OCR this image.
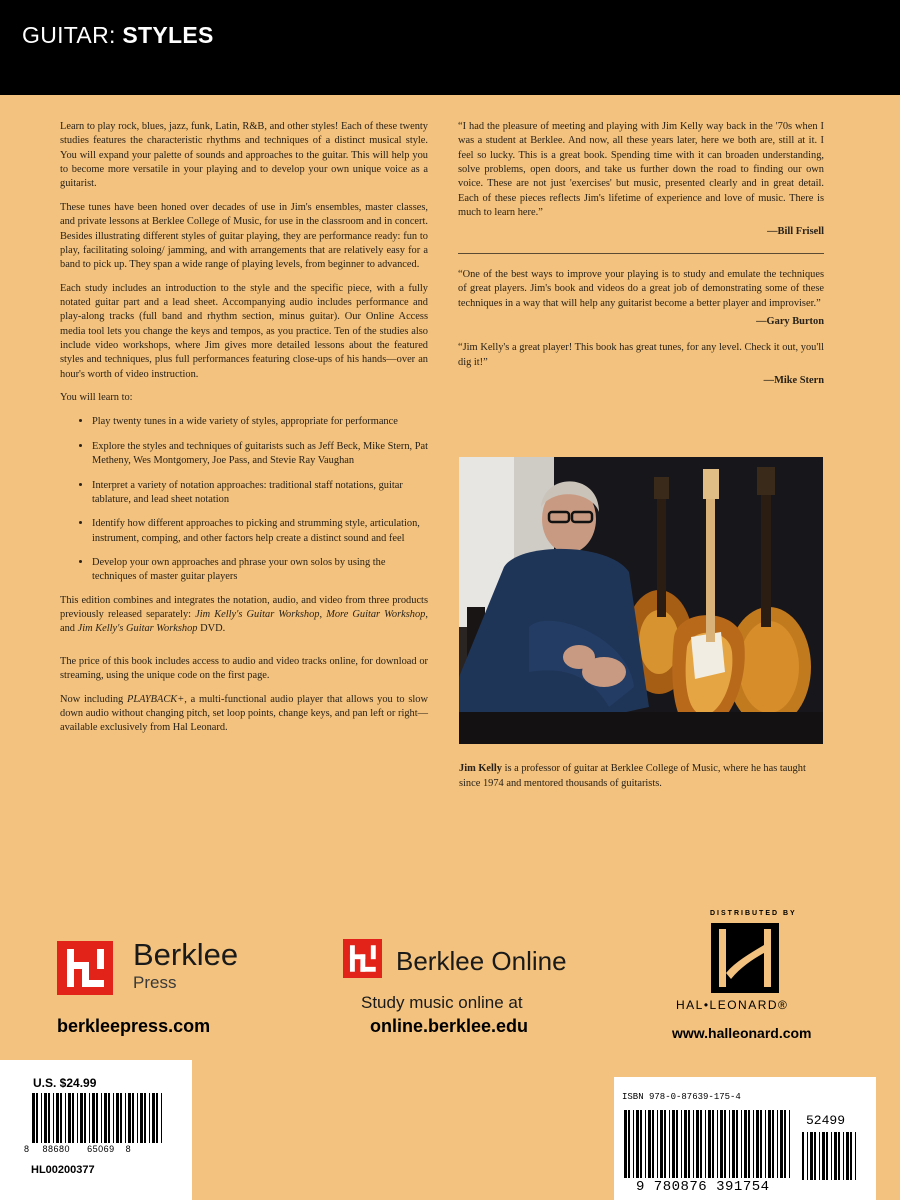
GUITAR: STYLES

Learn to play rock, blues, jazz, funk, Latin, R&B, and other styles! Each of these twenty studies features the characteristic rhythms and techniques of a distinct musical style. You will expand your palette of sounds and approaches to the guitar. This will help you to become more versatile in your playing and to develop your own unique voice as a guitarist.

These tunes have been honed over decades of use in Jim's ensembles, master classes, and private lessons at Berklee College of Music, for use in the classroom and in concert. Besides illustrating different styles of guitar playing, they are performance ready: fun to play, facilitating soloing/ jamming, and with arrangements that are relatively easy for a band to pick up. They span a wide range of playing levels, from beginner to advanced.

Each study includes an introduction to the style and the specific piece, with a fully notated guitar part and a lead sheet. Accompanying audio includes performance and play-along tracks (full band and rhythm section, minus guitar). Our Online Access media tool lets you change the keys and tempos, as you practice. Ten of the studies also include video workshops, where Jim gives more detailed lessons about the featured styles and techniques, plus full performances featuring close-ups of his hands—over an hour's worth of video instruction.

You will learn to:

• Play twenty tunes in a wide variety of styles, appropriate for performance
• Explore the styles and techniques of guitarists such as Jeff Beck, Mike Stern, Pat Metheny, Wes Montgomery, Joe Pass, and Stevie Ray Vaughan
• Interpret a variety of notation approaches: traditional staff notations, guitar tablature, and lead sheet notation
• Identify how different approaches to picking and strumming style, articulation, instrument, comping, and other factors help create a distinct sound and feel
• Develop your own approaches and phrase your own solos by using the techniques of master guitar players

This edition combines and integrates the notation, audio, and video from three products previously released separately: Jim Kelly's Guitar Workshop, More Guitar Workshop, and Jim Kelly's Guitar Workshop DVD.

The price of this book includes access to audio and video tracks online, for download or streaming, using the unique code on the first page.

Now including PLAYBACK+, a multi-functional audio player that allows you to slow down audio without changing pitch, set loop points, change keys, and pan left or right—available exclusively from Hal Leonard.

“I had the pleasure of meeting and playing with Jim Kelly way back in the '70s when I was a student at Berklee. And now, all these years later, here we both are, still at it. I feel so lucky. This is a great book. Spending time with it can broaden understanding, solve problems, open doors, and take us further down the road to finding our own voice. These are not just 'exercises' but music, presented clearly and in great detail. Each of these pieces reflects Jim's lifetime of experience and love of music. There is much to learn here.”

—Bill Frisell

“One of the best ways to improve your playing is to study and emulate the techniques of great players. Jim's book and videos do a great job of demonstrating some of these techniques in a way that will help any guitarist become a better player and improviser.”

—Gary Burton

“Jim Kelly's a great player! This book has great tunes, for any level. Check it out, you'll dig it!”

—Mike Stern

Jim Kelly is a professor of guitar at Berklee College of Music, where he has taught since 1974 and mentored thousands of guitarists.

Berklee
Press
berkleepress.com
Berklee Online
Study music online at
online.berklee.edu
DISTRIBUTED BY
HAL•LEONARD®
www.halleonard.com
U.S. $24.99
8 88680 65069 8
HL00200377
ISBN 978-0-87639-175-4
52499
9 780876 391754
